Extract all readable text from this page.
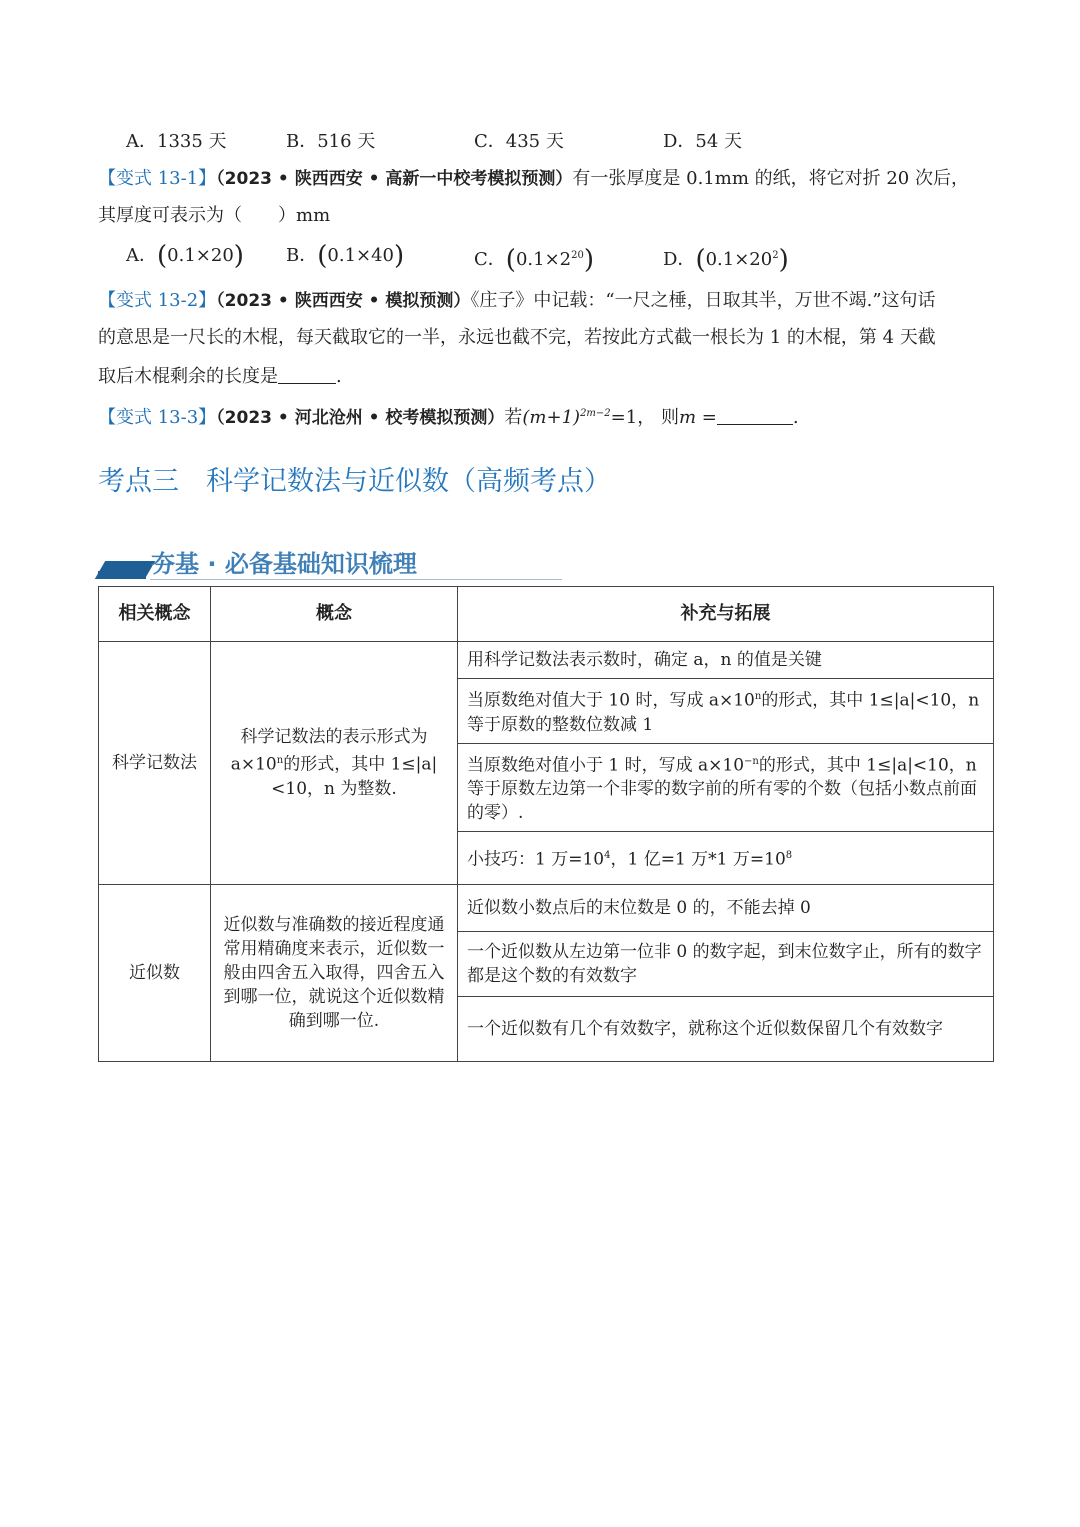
A．1335 天	B．516 天	C．435 天	D．54 天
【变式 13-1】（2023 • 陕西西安 • 高新一中校考模拟预测）有一张厚度是 0.1mm 的纸，将它对折 20 次后，
其厚度可表示为（　　）mm
A．(0.1×20) B．(0.1×40)	C．$(0.1\times 2^{20})$	D．$(0.1\times 20^2)$
【变式 13-2】（2023 • 陕西西安 • 模拟预测）《庄子》中记载：“一尺之棰，日取其半，万世不竭.”这句话
的意思是一尺长的木棍，每天截取它的一半，永远也截不完，若按此方式截一根长为 1 的木棍，第 4 天截
取后木棍剩余的长度是	.
【变式 13-3】（2023 • 河北沧州 • 校考模拟预测）若$(m+1)^{2m-2}=1$， 则m =	.
考点三　科学记数法与近似数（高频考点）
夯基 · 必备基础知识梳理
相关概念	概念	补充与拓展
科学记数法	科学记数法的表示形式为 $a\times 10^n$的形式，其中 1≤|a|<10，n 为整数.	用科学记数法表示数时，确定 a，n 的值是关键
		当原数绝对值大于 10 时，写成 $a\times 10^n$的形式，其中 1≤|a|<10，n 等于原数的整数位数减 1
		当原数绝对值小于 1 时，写成 $a\times 10^{-n}$的形式，其中 1≤|a|<10，n 等于原数左边第一个非零的数字前的所有零的个数（包括小数点前面的零）.
		小技巧：1 万$=10^4$，1 亿=1 万*1 万$=10^8$
近似数	近似数与准确数的接近程度通常用精确度来表示，近似数一般由四舍五入取得，四舍五入到哪一位，就说这个近似数精确到哪一位.	近似数小数点后的末位数是 0 的，不能去掉 0
		一个近似数从左边第一位非 0 的数字起，到末位数字止，所有的数字都是这个数的有效数字
		一个近似数有几个有效数字，就称这个近似数保留几个有效数字
